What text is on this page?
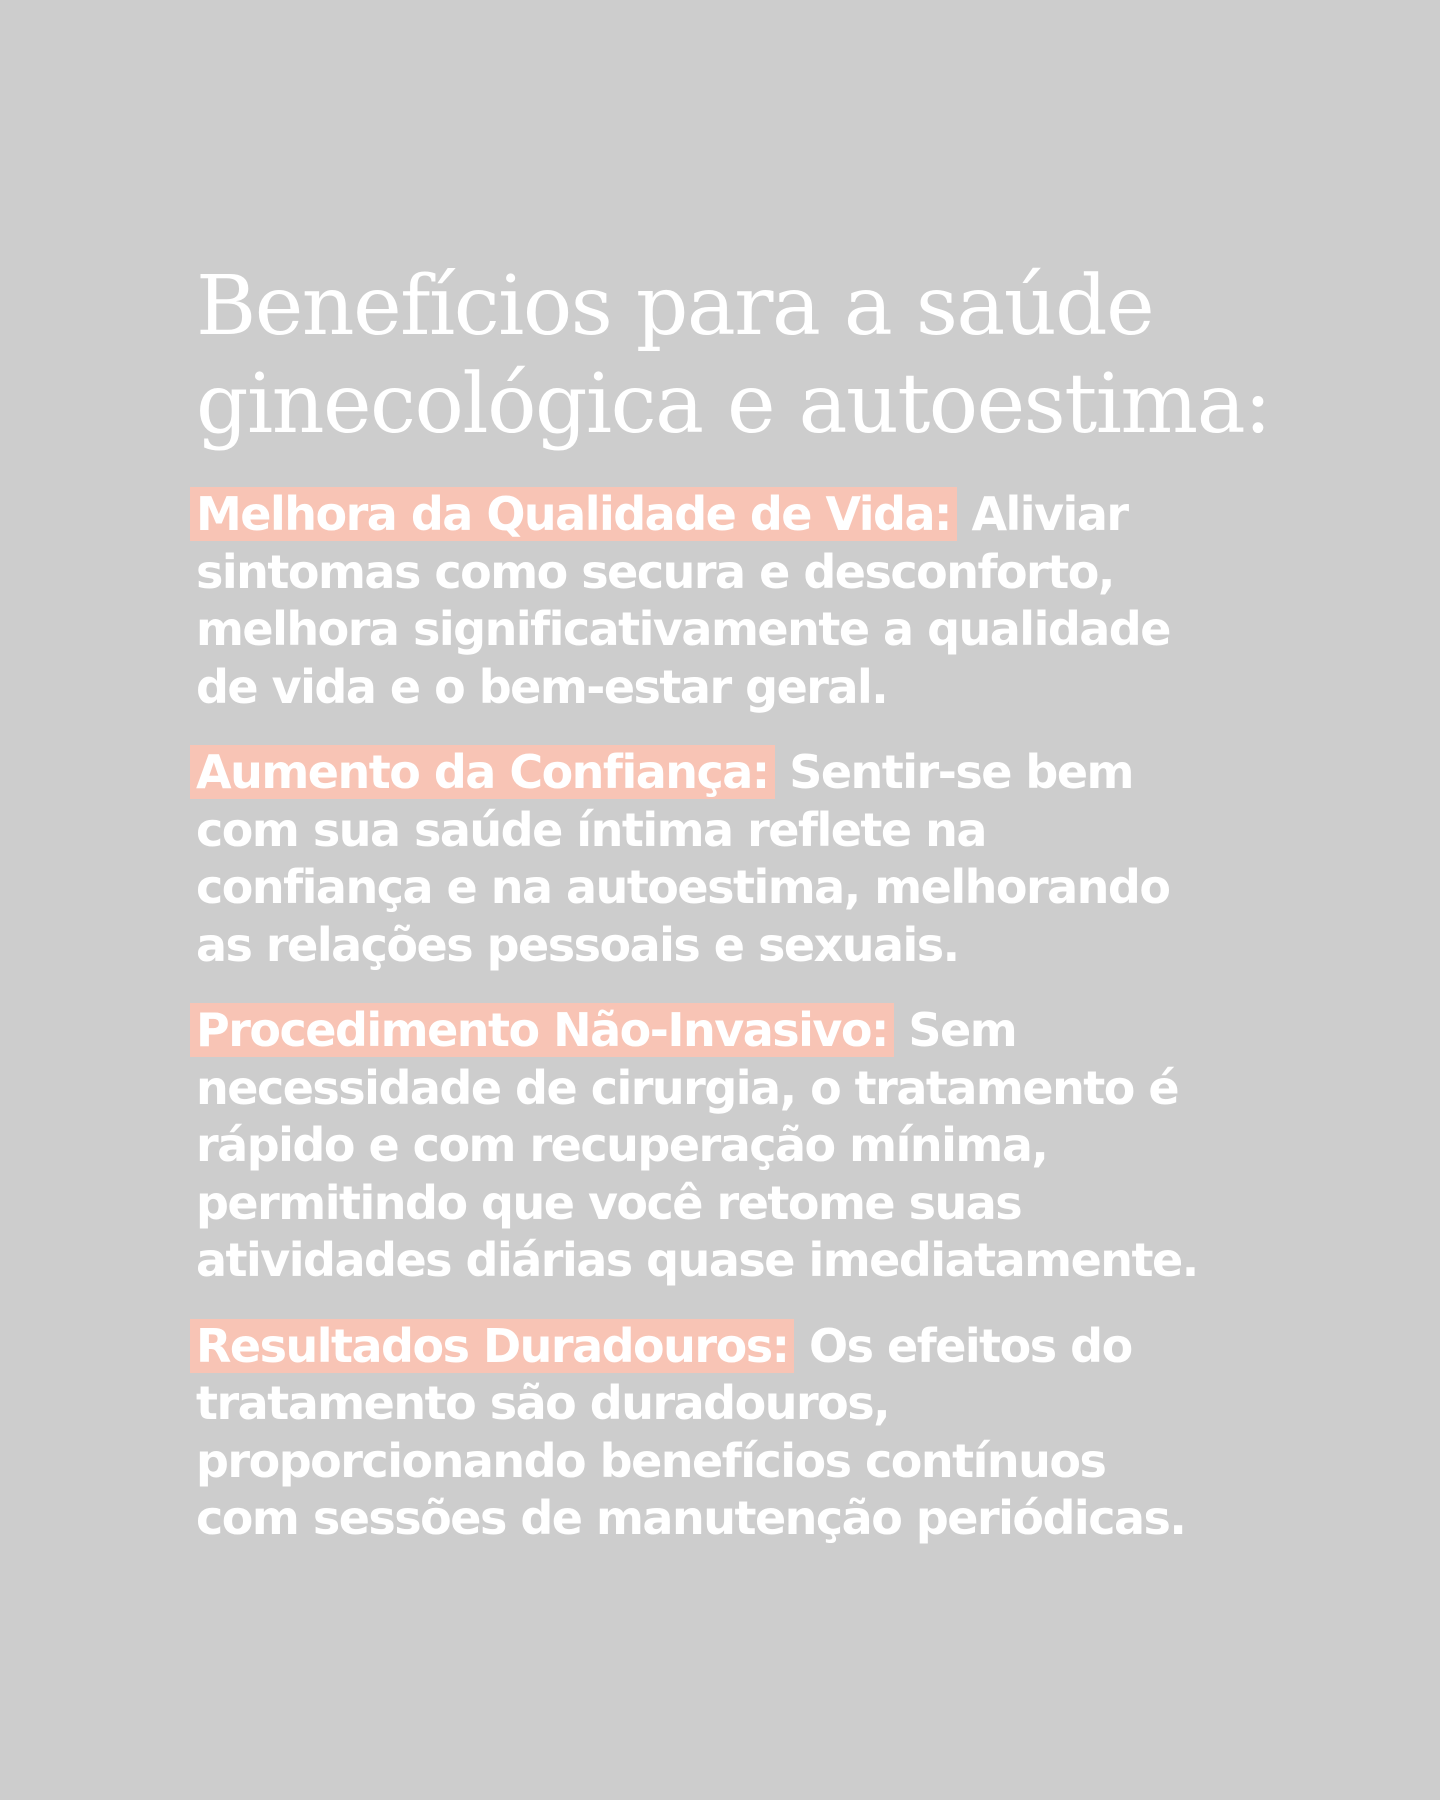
Benefícios para a saúde
ginecológica e autoestima:

Melhora da Qualidade de Vida: Aliviar
sintomas como secura e desconforto,
melhora significativamente a qualidade
de vida e o bem-estar geral.

Aumento da Confiança: Sentir-se bem
com sua saúde íntima reflete na
confiança e na autoestima, melhorando
as relações pessoais e sexuais.

Procedimento Não-Invasivo: Sem
necessidade de cirurgia, o tratamento é
rápido e com recuperação mínima,
permitindo que você retome suas
atividades diárias quase imediatamente.

Resultados Duradouros: Os efeitos do
tratamento são duradouros,
proporcionando benefícios contínuos
com sessões de manutenção periódicas.
